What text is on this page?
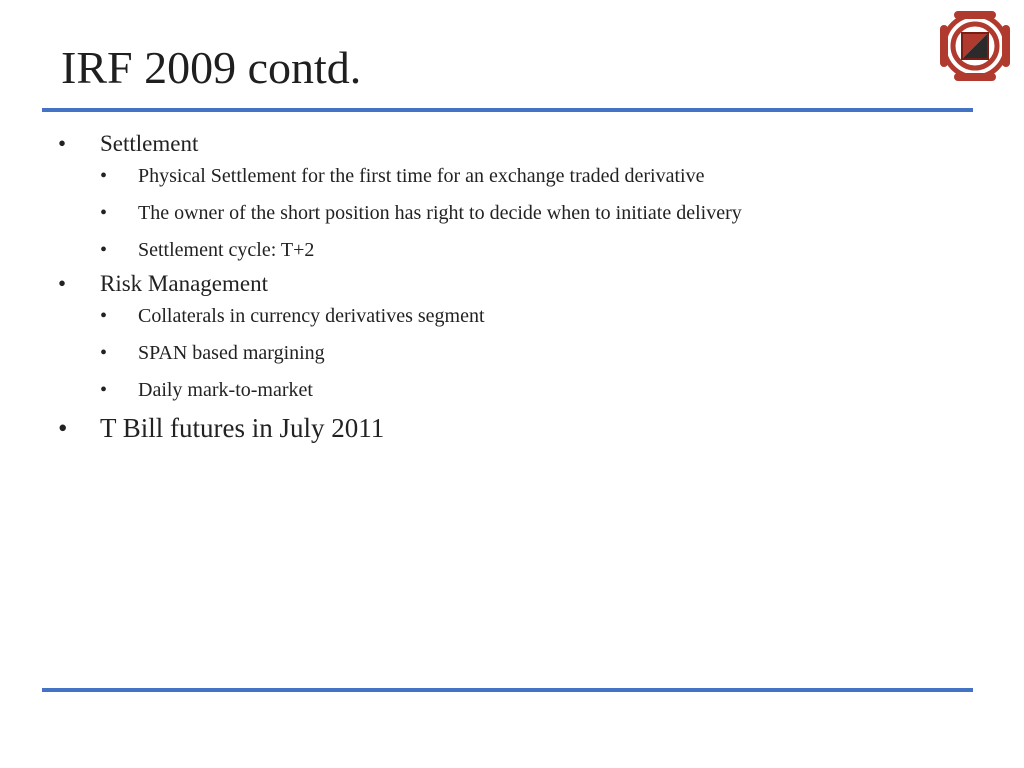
IRF 2009 contd.
• Settlement
• Physical Settlement for the first time for an exchange traded derivative
• The owner of the short position has right to decide when to initiate delivery
• Settlement cycle: T+2
• Risk Management
• Collaterals in currency derivatives segment
• SPAN based margining
• Daily mark-to-market
• T Bill futures in July 2011
